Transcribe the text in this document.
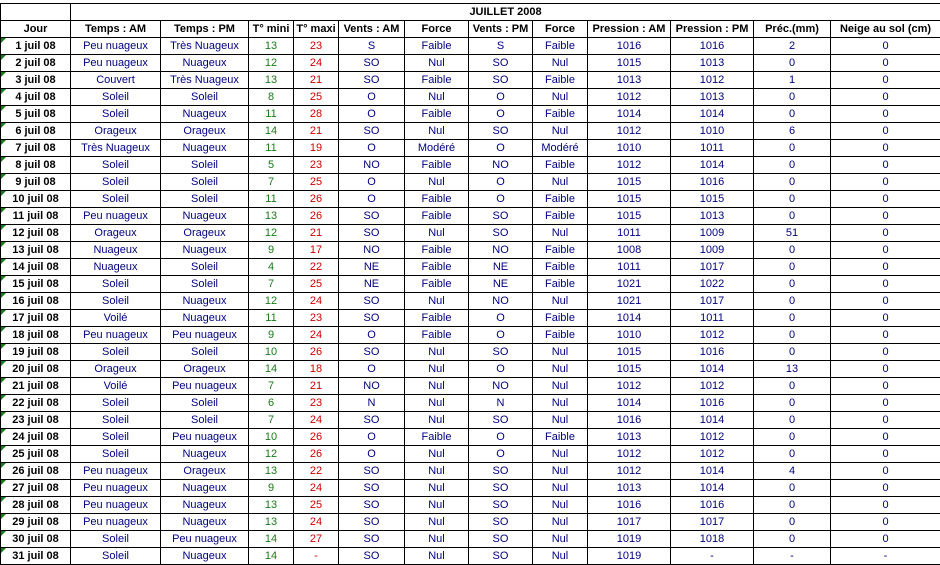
	JUILLET 2008											
Jour	Temps : AM	Temps : PM	T° mini	T° maxi	Vents : AM	Force	Vents : PM	Force	Pression : AM	Pression : PM	Préc.(mm)	Neige au sol (cm)
1 juil 08	Peu nuageux	Très Nuageux	13	23	S	Faible	S	Faible	1016	1016	2	0
2 juil 08	Peu nuageux	Nuageux	12	24	SO	Nul	SO	Nul	1015	1013	0	0
3 juil 08	Couvert	Très Nuageux	13	21	SO	Faible	SO	Faible	1013	1012	1	0
4 juil 08	Soleil	Soleil	8	25	O	Nul	O	Nul	1012	1013	0	0
5 juil 08	Soleil	Nuageux	11	28	O	Faible	O	Faible	1014	1014	0	0
6 juil 08	Orageux	Orageux	14	21	SO	Nul	SO	Nul	1012	1010	6	0
7 juil 08	Très Nuageux	Nuageux	11	19	O	Modéré	O	Modéré	1010	1011	0	0
8 juil 08	Soleil	Soleil	5	23	NO	Faible	NO	Faible	1012	1014	0	0
9 juil 08	Soleil	Soleil	7	25	O	Nul	O	Nul	1015	1016	0	0
10 juil 08	Soleil	Soleil	11	26	O	Faible	O	Faible	1015	1015	0	0
11 juil 08	Peu nuageux	Nuageux	13	26	SO	Faible	SO	Faible	1015	1013	0	0
12 juil 08	Orageux	Orageux	12	21	SO	Nul	SO	Nul	1011	1009	51	0
13 juil 08	Nuageux	Nuageux	9	17	NO	Faible	NO	Faible	1008	1009	0	0
14 juil 08	Nuageux	Soleil	4	22	NE	Faible	NE	Faible	1011	1017	0	0
15 juil 08	Soleil	Soleil	7	25	NE	Faible	NE	Faible	1021	1022	0	0
16 juil 08	Soleil	Nuageux	12	24	SO	Nul	NO	Nul	1021	1017	0	0
17 juil 08	Voilé	Nuageux	11	23	SO	Faible	O	Faible	1014	1011	0	0
18 juil 08	Peu nuageux	Peu nuageux	9	24	O	Faible	O	Faible	1010	1012	0	0
19 juil 08	Soleil	Soleil	10	26	SO	Nul	SO	Nul	1015	1016	0	0
20 juil 08	Orageux	Orageux	14	18	O	Nul	O	Nul	1015	1014	13	0
21 juil 08	Voilé	Peu nuageux	7	21	NO	Nul	NO	Nul	1012	1012	0	0
22 juil 08	Soleil	Soleil	6	23	N	Nul	N	Nul	1014	1016	0	0
23 juil 08	Soleil	Soleil	7	24	SO	Nul	SO	Nul	1016	1014	0	0
24 juil 08	Soleil	Peu nuageux	10	26	O	Faible	O	Faible	1013	1012	0	0
25 juil 08	Soleil	Nuageux	12	26	O	Nul	O	Nul	1012	1012	0	0
26 juil 08	Peu nuageux	Orageux	13	22	SO	Nul	SO	Nul	1012	1014	4	0
27 juil 08	Peu nuageux	Nuageux	9	24	SO	Nul	SO	Nul	1013	1014	0	0
28 juil 08	Peu nuageux	Nuageux	13	25	SO	Nul	SO	Nul	1016	1016	0	0
29 juil 08	Peu nuageux	Nuageux	13	24	SO	Nul	SO	Nul	1017	1017	0	0
30 juil 08	Soleil	Peu nuageux	14	27	SO	Nul	SO	Nul	1019	1018	0	0
31 juil 08	Soleil	Nuageux	14	-	SO	Nul	SO	Nul	1019	-	-	-
